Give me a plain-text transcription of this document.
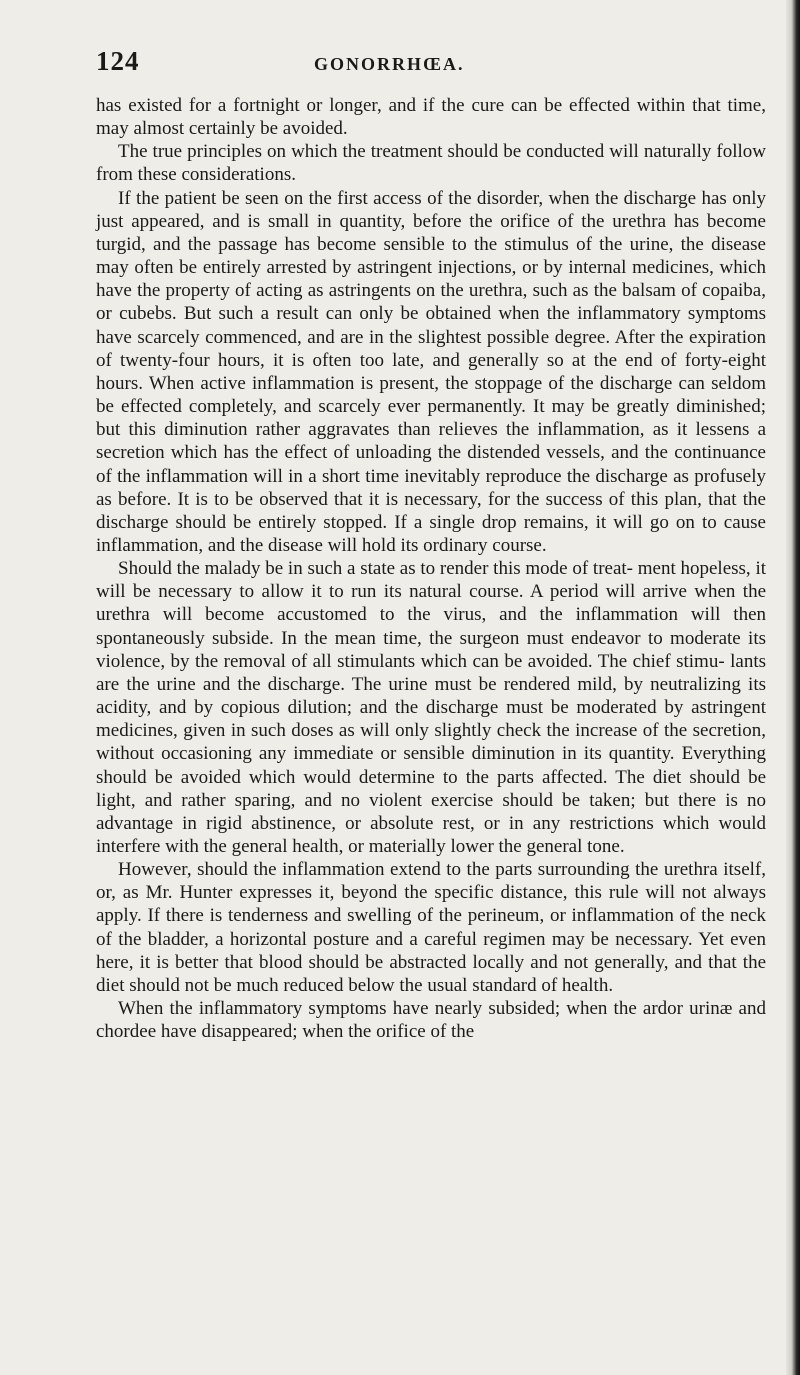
124	GONORRHŒA.

has existed for a fortnight or longer, and if the cure can be effected within that time, may almost certainly be avoided.

The true principles on which the treatment should be conducted will naturally follow from these considerations.

If the patient be seen on the first access of the disorder, when the discharge has only just appeared, and is small in quantity, before the orifice of the urethra has become turgid, and the passage has become sensible to the stimulus of the urine, the disease may often be entirely arrested by astringent injections, or by internal medicines, which have the property of acting as astringents on the urethra, such as the balsam of copaiba, or cubebs. But such a result can only be obtained when the inflammatory symptoms have scarcely commenced, and are in the slightest possible degree. After the expiration of twenty-four hours, it is often too late, and generally so at the end of forty-eight hours. When active inflammation is present, the stoppage of the discharge can seldom be effected completely, and scarcely ever permanently. It may be greatly diminished; but this diminution rather aggravates than relieves the inflammation, as it lessens a secretion which has the effect of unloading the distended vessels, and the continuance of the inflammation will in a short time inevitably reproduce the discharge as profusely as before. It is to be observed that it is necessary, for the success of this plan, that the discharge should be entirely stopped. If a single drop remains, it will go on to cause inflammation, and the disease will hold its ordinary course.

Should the malady be in such a state as to render this mode of treat- ment hopeless, it will be necessary to allow it to run its natural course. A period will arrive when the urethra will become accustomed to the virus, and the inflammation will then spontaneously subside. In the mean time, the surgeon must endeavor to moderate its violence, by the removal of all stimulants which can be avoided. The chief stimu- lants are the urine and the discharge. The urine must be rendered mild, by neutralizing its acidity, and by copious dilution; and the discharge must be moderated by astringent medicines, given in such doses as will only slightly check the increase of the secretion, without occasioning any immediate or sensible diminution in its quantity. Everything should be avoided which would determine to the parts affected. The diet should be light, and rather sparing, and no violent exercise should be taken; but there is no advantage in rigid abstinence, or absolute rest, or in any restrictions which would interfere with the general health, or materially lower the general tone.

However, should the inflammation extend to the parts surrounding the urethra itself, or, as Mr. Hunter expresses it, beyond the specific distance, this rule will not always apply. If there is tenderness and swelling of the perineum, or inflammation of the neck of the bladder, a horizontal posture and a careful regimen may be necessary. Yet even here, it is better that blood should be abstracted locally and not generally, and that the diet should not be much reduced below the usual standard of health.

When the inflammatory symptoms have nearly subsided; when the ardor urinæ and chordee have disappeared; when the orifice of the
